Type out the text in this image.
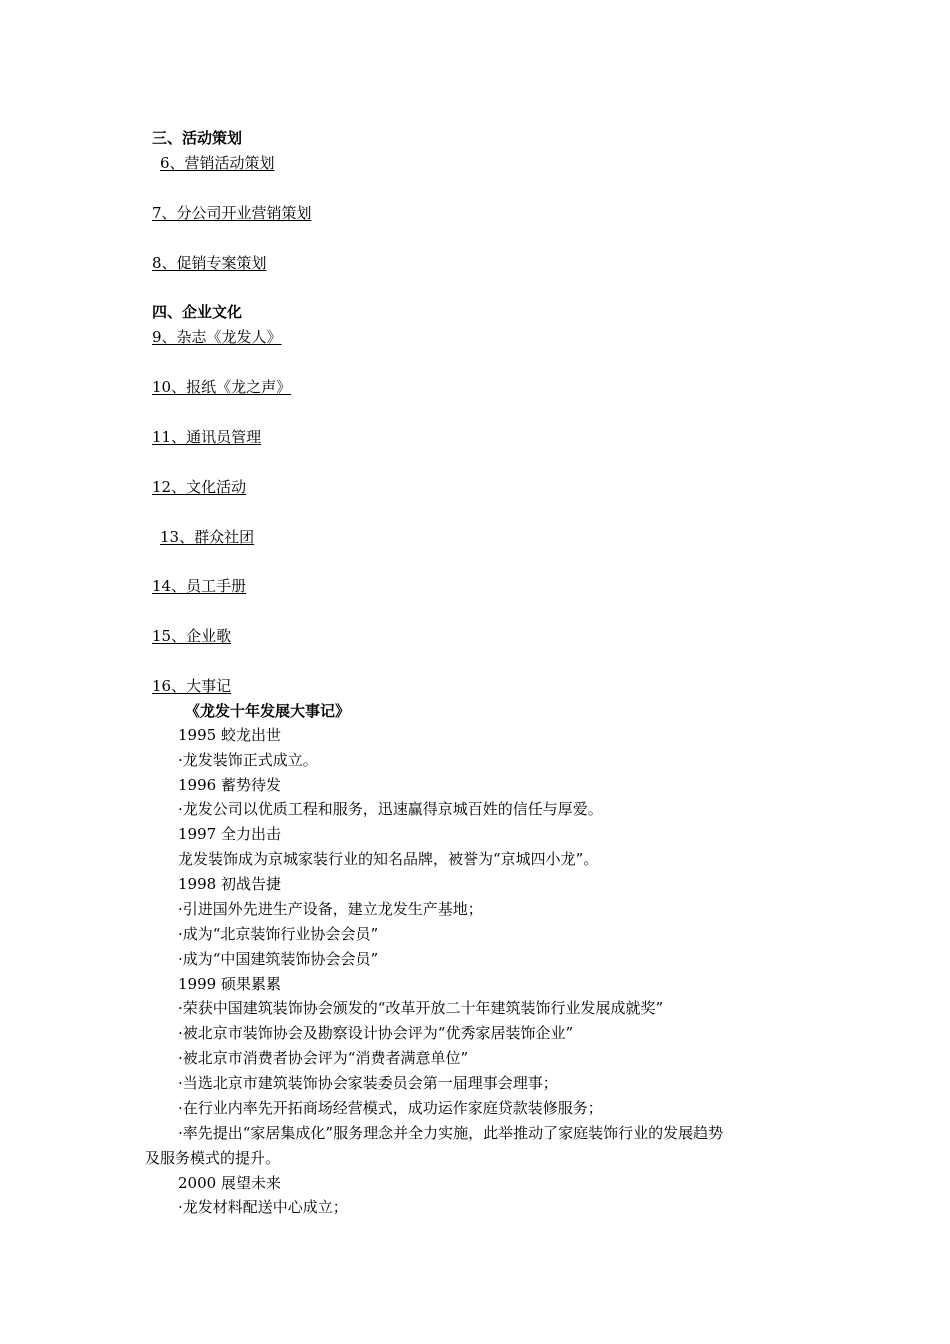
三、活动策划
6、营销活动策划
7、分公司开业营销策划
8、促销专案策划
四、企业文化
9、杂志《龙发人》
10、报纸《龙之声》
11、通讯员管理
12、文化活动
13、群众社团
14、员工手册
15、企业歌
16、大事记
《龙发十年发展大事记》
1995 蛟龙出世
·龙发装饰正式成立。
1996 蓄势待发
·龙发公司以优质工程和服务，迅速赢得京城百姓的信任与厚爱。
1997 全力出击
龙发装饰成为京城家装行业的知名品牌，被誉为“京城四小龙”。
1998 初战告捷
·引进国外先进生产设备，建立龙发生产基地；
·成为“北京装饰行业协会会员”
·成为“中国建筑装饰协会会员”
1999 硕果累累
·荣获中国建筑装饰协会颁发的“改革开放二十年建筑装饰行业发展成就奖”
·被北京市装饰协会及勘察设计协会评为“优秀家居装饰企业”
·被北京市消费者协会评为“消费者满意单位”
·当选北京市建筑装饰协会家装委员会第一届理事会理事；
·在行业内率先开拓商场经营模式，成功运作家庭贷款装修服务；
·率先提出“家居集成化”服务理念并全力实施，此举推动了家庭装饰行业的发展趋势
及服务模式的提升。
2000 展望未来
·龙发材料配送中心成立；
